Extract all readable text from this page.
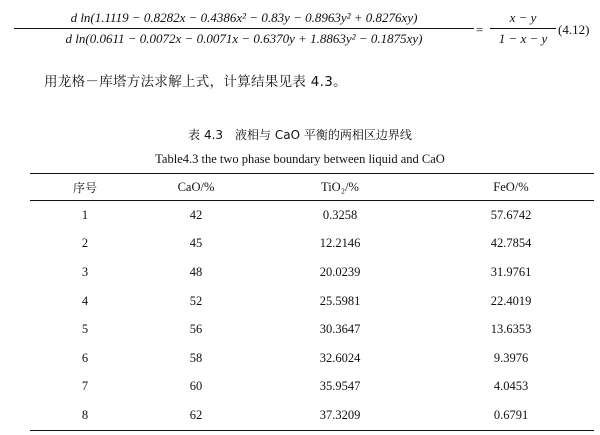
d ln(1.1119 − 0.8282x − 0.4386x² − 0.83y − 0.8963y² + 0.8276xy)
d ln(0.0611 − 0.0072x − 0.0071x − 0.6370y + 1.8863y² − 0.1875xy)
=
x − y
1 − x − y
(4.12)
用龙格－库塔方法求解上式，计算结果见表 4.3。
表 4.3　液相与 CaO 平衡的两相区边界线
Table4.3 the two phase boundary between liquid and CaO
序号	CaO/%	TiO₂/%	FeO/%
1	42	0.3258	57.6742
2	45	12.2146	42.7854
3	48	20.0239	31.9761
4	52	25.5981	22.4019
5	56	30.3647	13.6353
6	58	32.6024	9.3976
7	60	35.9547	4.0453
8	62	37.3209	0.6791
